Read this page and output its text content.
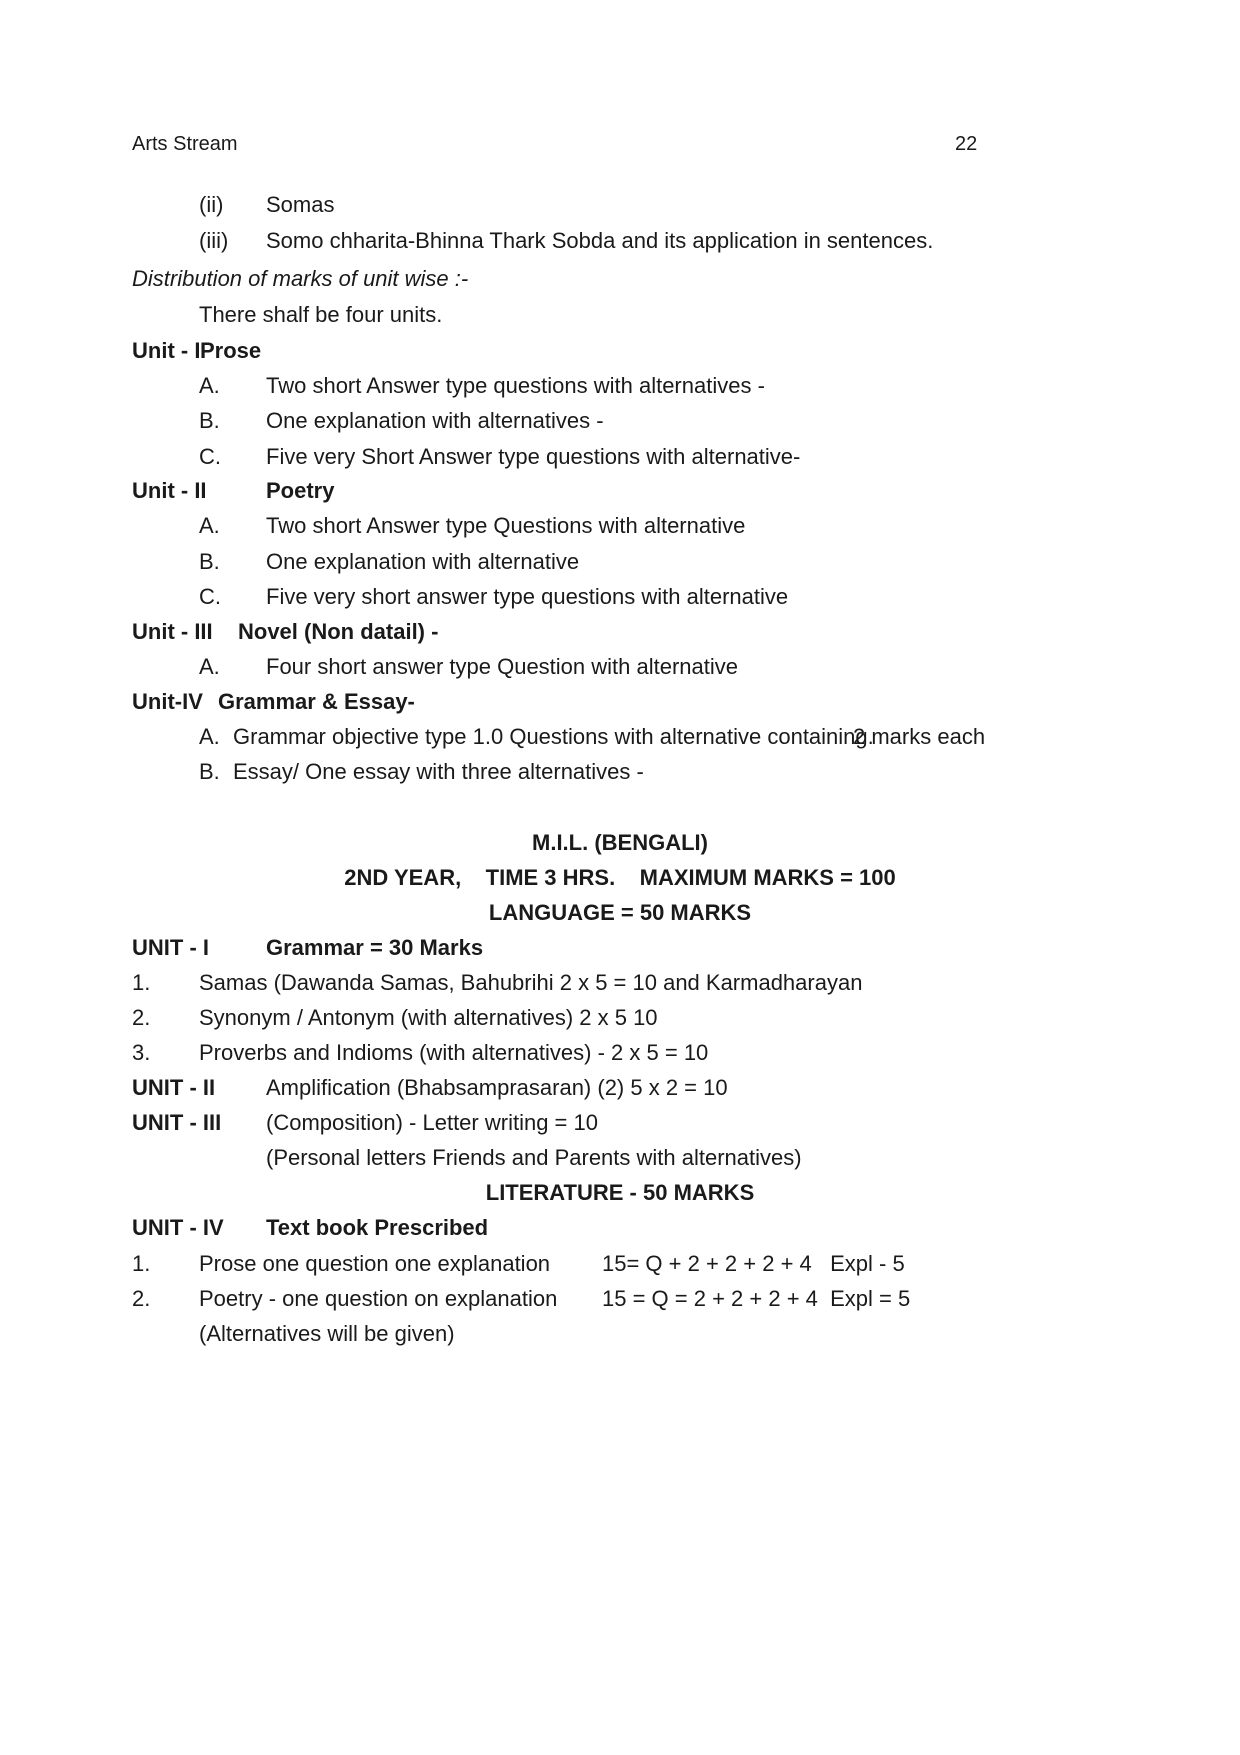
Arts Stream	22
(ii) Somas
(iii) Somo chharita-Bhinna Thark Sobda and its application in sentences.
Distribution of marks of unit wise :-
There shalf be four units.
Unit - I Prose
A. Two short Answer type questions with alternatives -
B. One explanation with alternatives -
C. Five very Short Answer type questions with alternative-
Unit - II	Poetry
A. Two short Answer type Questions with alternative
B. One explanation with alternative
C. Five very short answer type questions with alternative
Unit - III Novel (Non datail) -
A. Four short answer type Question with alternative
Unit-IV Grammar & Essay-
A. Grammar objective type 1.0 Questions with alternative containing.
2 marks each
B. Essay/ One essay with three alternatives -
M.I.L. (BENGALI)
2ND YEAR,    TIME 3 HRS.    MAXIMUM MARKS = 100
LANGUAGE = 50 MARKS
UNIT - I	Grammar = 30 Marks
1. Samas (Dawanda Samas, Bahubrihi 2 x 5 = 10 and Karmadharayan
2. Synonym / Antonym (with alternatives) 2 x 5 10
3. Proverbs and Indioms (with alternatives) - 2 x 5 = 10
UNIT - II Amplification (Bhabsamprasaran) (2) 5 x 2 = 10
UNIT - III (Composition) - Letter writing = 10
(Personal letters Friends and Parents with alternatives)
LITERATURE - 50 MARKS
UNIT - IV Text book Prescribed
1. Prose one question one explanation 15= Q + 2 + 2 + 2 + 4   Expl - 5
2. Poetry - one question on explanation 15 = Q = 2 + 2 + 2 + 4  Expl = 5
(Alternatives will be given)
